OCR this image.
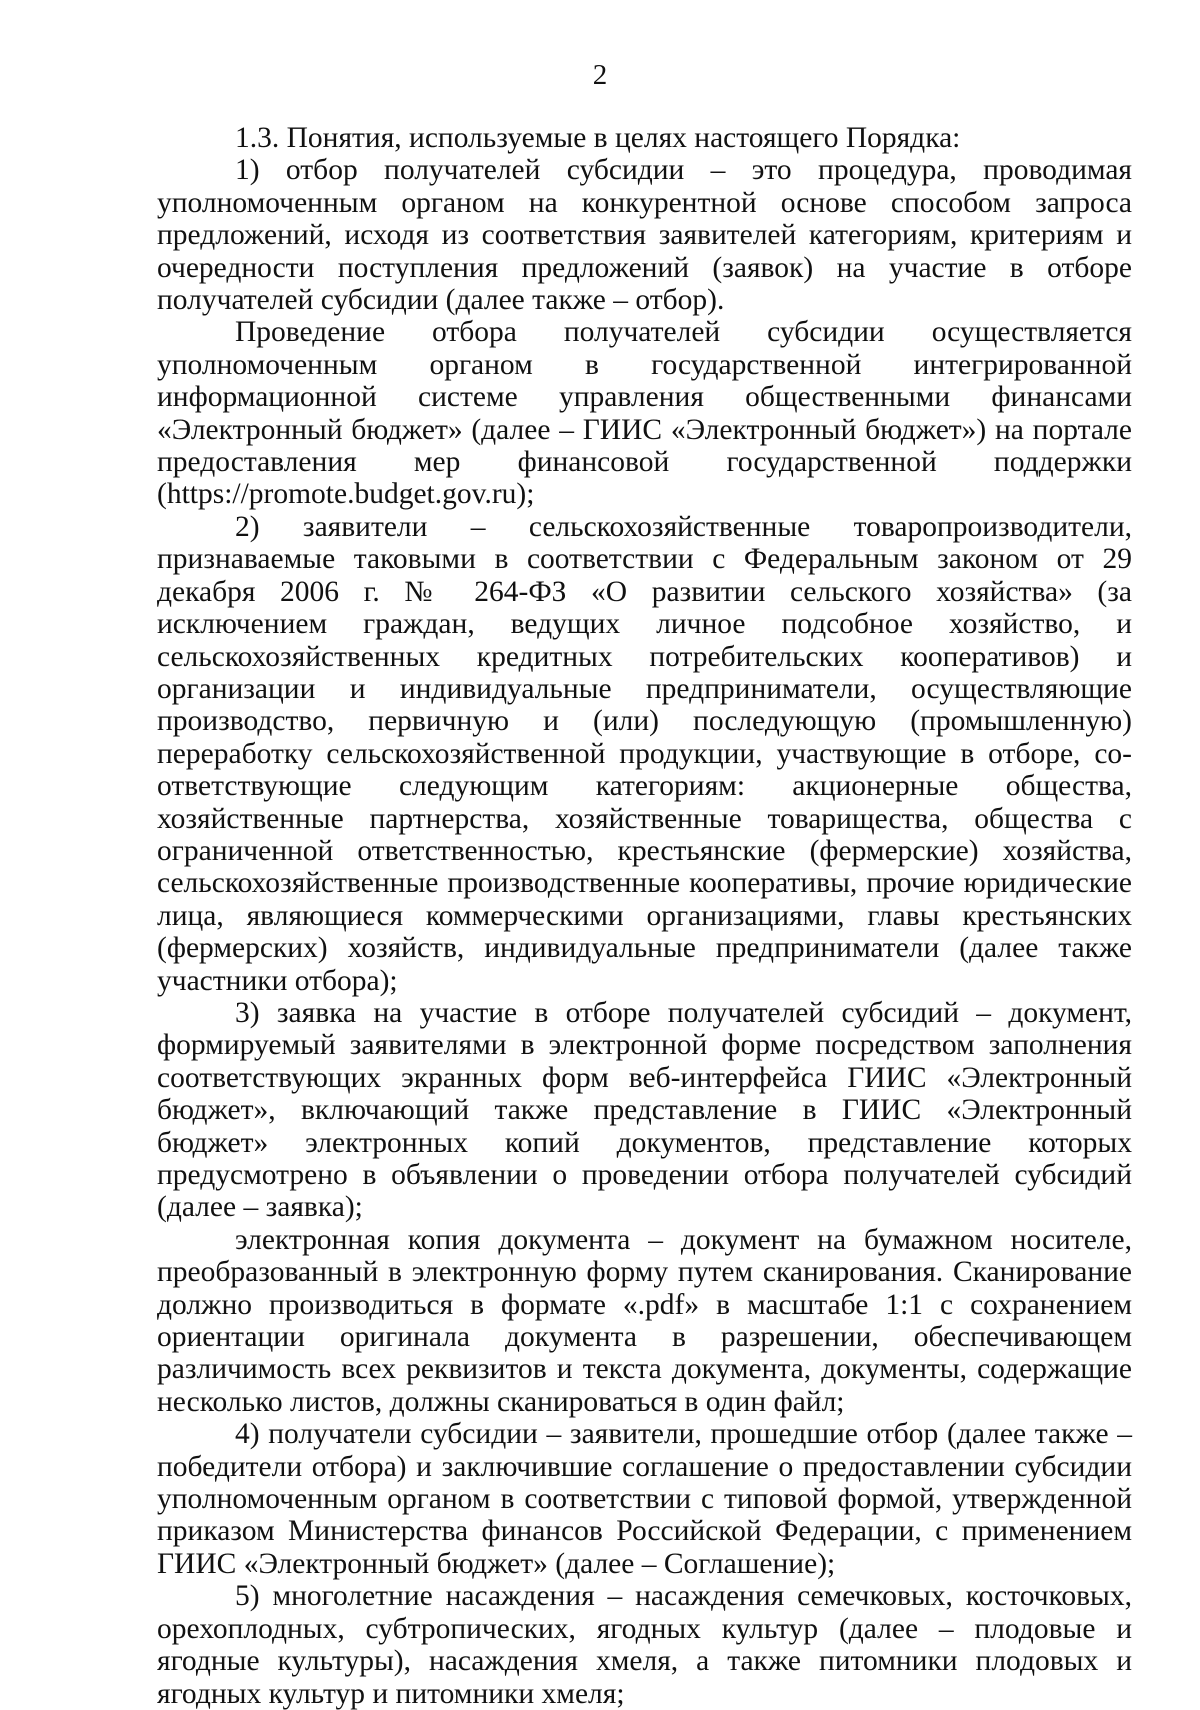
2

1.3. Понятия, используемые в целях настоящего Порядка:

1) отбор получателей субсидии – это процедура, проводимая уполномоченным органом на конкурентной основе способом запроса предложений, исходя из соответствия заявителей категориям, критериям и очередности поступления предложений (заявок) на участие в отборе получателей субсидии (далее также – отбор).

Проведение отбора получателей субсидии осуществляется уполномоченным органом в государственной интегрированной информационной системе управления общественными финансами «Электронный бюджет» (далее – ГИИС «Электронный бюджет») на портале предоставления мер финансовой государственной поддержки (https://promote.budget.gov.ru);

2) заявители – сельскохозяйственные товаропроизводители, признаваемые таковыми в соответствии с Федеральным законом от 29 декабря 2006 г. № 264-ФЗ «О развитии сельского хозяйства» (за исключением граждан, ведущих личное подсобное хозяйство, и сельскохозяйственных кредитных потребительских кооперативов) и организации и индивидуальные предприниматели, осуществляющие производство, первичную и (или) последующую (промышленную) переработку сельскохозяйственной продукции, участвующие в отборе, соответствующие следующим категориям: акционерные общества, хозяйственные партнерства, хозяйственные товарищества, общества с ограниченной ответственностью, крестьянские (фермерские) хозяйства, сельскохозяйственные производственные кооперативы, прочие юридические лица, являющиеся коммерческими организациями, главы крестьянских (фермерских) хозяйств, индивидуальные предприниматели (далее также участники отбора);

3) заявка на участие в отборе получателей субсидий – документ, формируемый заявителями в электронной форме посредством заполнения соответствующих экранных форм веб-интерфейса ГИИС «Электронный бюджет», включающий также представление в ГИИС «Электронный бюджет» электронных копий документов, представление которых предусмотрено в объявлении о проведении отбора получателей субсидий (далее – заявка);

электронная копия документа – документ на бумажном носителе, преобразованный в электронную форму путем сканирования. Сканирование должно производиться в формате «.pdf» в масштабе 1:1 с сохранением ориентации оригинала документа в разрешении, обеспечивающем различимость всех реквизитов и текста документа, документы, содержащие несколько листов, должны сканироваться в один файл;

4) получатели субсидии – заявители, прошедшие отбор (далее также – победители отбора) и заключившие соглашение о предоставлении субсидии уполномоченным органом в соответствии с типовой формой, утвержденной приказом Министерства финансов Российской Федерации, с применением ГИИС «Электронный бюджет» (далее – Соглашение);

5) многолетние насаждения – насаждения семечковых, косточковых, орехоплодных, субтропических, ягодных культур (далее – плодовые и ягодные культуры), насаждения хмеля, а также питомники плодовых и ягодных культур и питомники хмеля;
